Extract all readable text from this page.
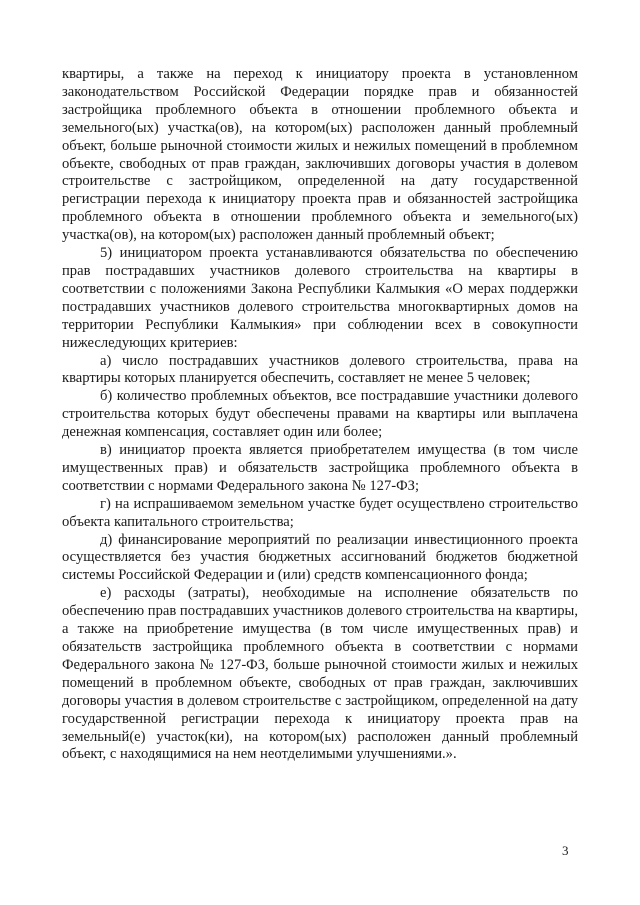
квартиры, а также на переход к инициатору проекта в установленном законодательством Российской Федерации порядке прав и обязанностей застройщика проблемного объекта в отношении проблемного объекта и земельного(ых) участка(ов), на котором(ых) расположен данный проблемный объект, больше рыночной стоимости жилых и нежилых помещений в проблемном объекте, свободных от прав граждан, заключивших договоры участия в долевом строительстве с застройщиком, определенной на дату государственной регистрации перехода к инициатору проекта прав и обязанностей застройщика проблемного объекта в отношении проблемного объекта и земельного(ых) участка(ов), на котором(ых) расположен данный проблемный объект;

5) инициатором проекта устанавливаются обязательства по обеспечению прав пострадавших участников долевого строительства на квартиры в соответствии с положениями Закона Республики Калмыкия «О мерах поддержки пострадавших участников долевого строительства многоквартирных домов на территории Республики Калмыкия» при соблюдении всех в совокупности нижеследующих критериев:

а) число пострадавших участников долевого строительства, права на квартиры которых планируется обеспечить, составляет не менее 5 человек;

б) количество проблемных объектов, все пострадавшие участники долевого строительства которых будут обеспечены правами на квартиры или выплачена денежная компенсация, составляет один или более;

в) инициатор проекта является приобретателем имущества (в том числе имущественных прав) и обязательств застройщика проблемного объекта в соответствии с нормами Федерального закона № 127-ФЗ;

г) на испрашиваемом земельном участке будет осуществлено строительство объекта капитального строительства;

д) финансирование мероприятий по реализации инвестиционного проекта осуществляется без участия бюджетных ассигнований бюджетов бюджетной системы Российской Федерации и (или) средств компенсационного фонда;

е) расходы (затраты), необходимые на исполнение обязательств по обеспечению прав пострадавших участников долевого строительства на квартиры, а также на приобретение имущества (в том числе имущественных прав) и обязательств застройщика проблемного объекта в соответствии с нормами Федерального закона № 127-ФЗ, больше рыночной стоимости жилых и нежилых помещений в проблемном объекте, свободных от прав граждан, заключивших договоры участия в долевом строительстве с застройщиком, определенной на дату государственной регистрации перехода к инициатору проекта прав на земельный(е) участок(ки), на котором(ых) расположен данный проблемный объект, с находящимися на нем неотделимыми улучшениями.».

3
